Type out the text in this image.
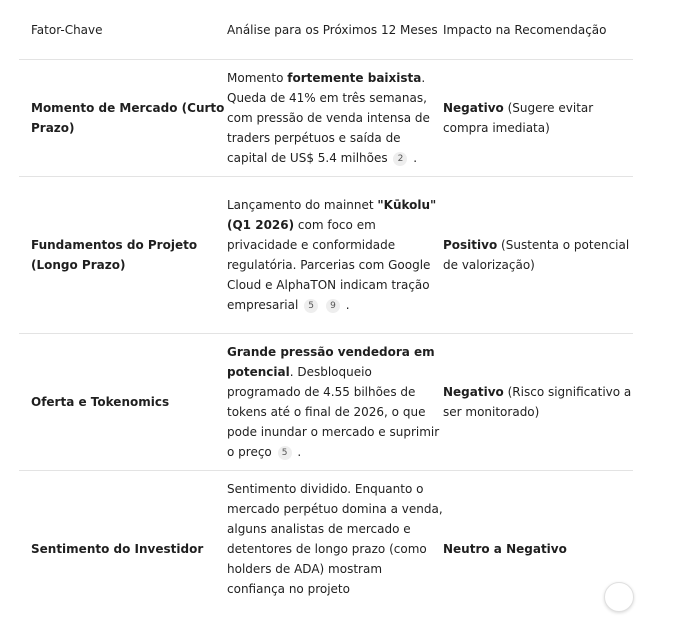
Fator-Chave	Análise para os Próximos 12 Meses Impacto na Recomendação
Momento de Mercado (Curto Prazo)
Momento fortemente baixista. Queda de 41% em três semanas, com pressão de venda intensa de traders perpétuos e saída de capital de US$ 5.4 milhões 2 .
Negativo (Sugere evitar compra imediata)
Fundamentos do Projeto (Longo Prazo)
Lançamento do mainnet "Kūkolu" (Q1 2026) com foco em privacidade e conformidade regulatória. Parcerias com Google Cloud e AlphaTON indicam tração empresarial 5 9 .
Positivo (Sustenta o potencial de valorização)
Oferta e Tokenomics
Grande pressão vendedora em potencial. Desbloqueio programado de 4.55 bilhões de tokens até o final de 2026, o que pode inundar o mercado e suprimir o preço 5 .
Negativo (Risco significativo a ser monitorado)
Sentimento do Investidor
Sentimento dividido. Enquanto o mercado perpétuo domina a venda, alguns analistas de mercado e detentores de longo prazo (como holders de ADA) mostram confiança no projeto
Neutro a Negativo
